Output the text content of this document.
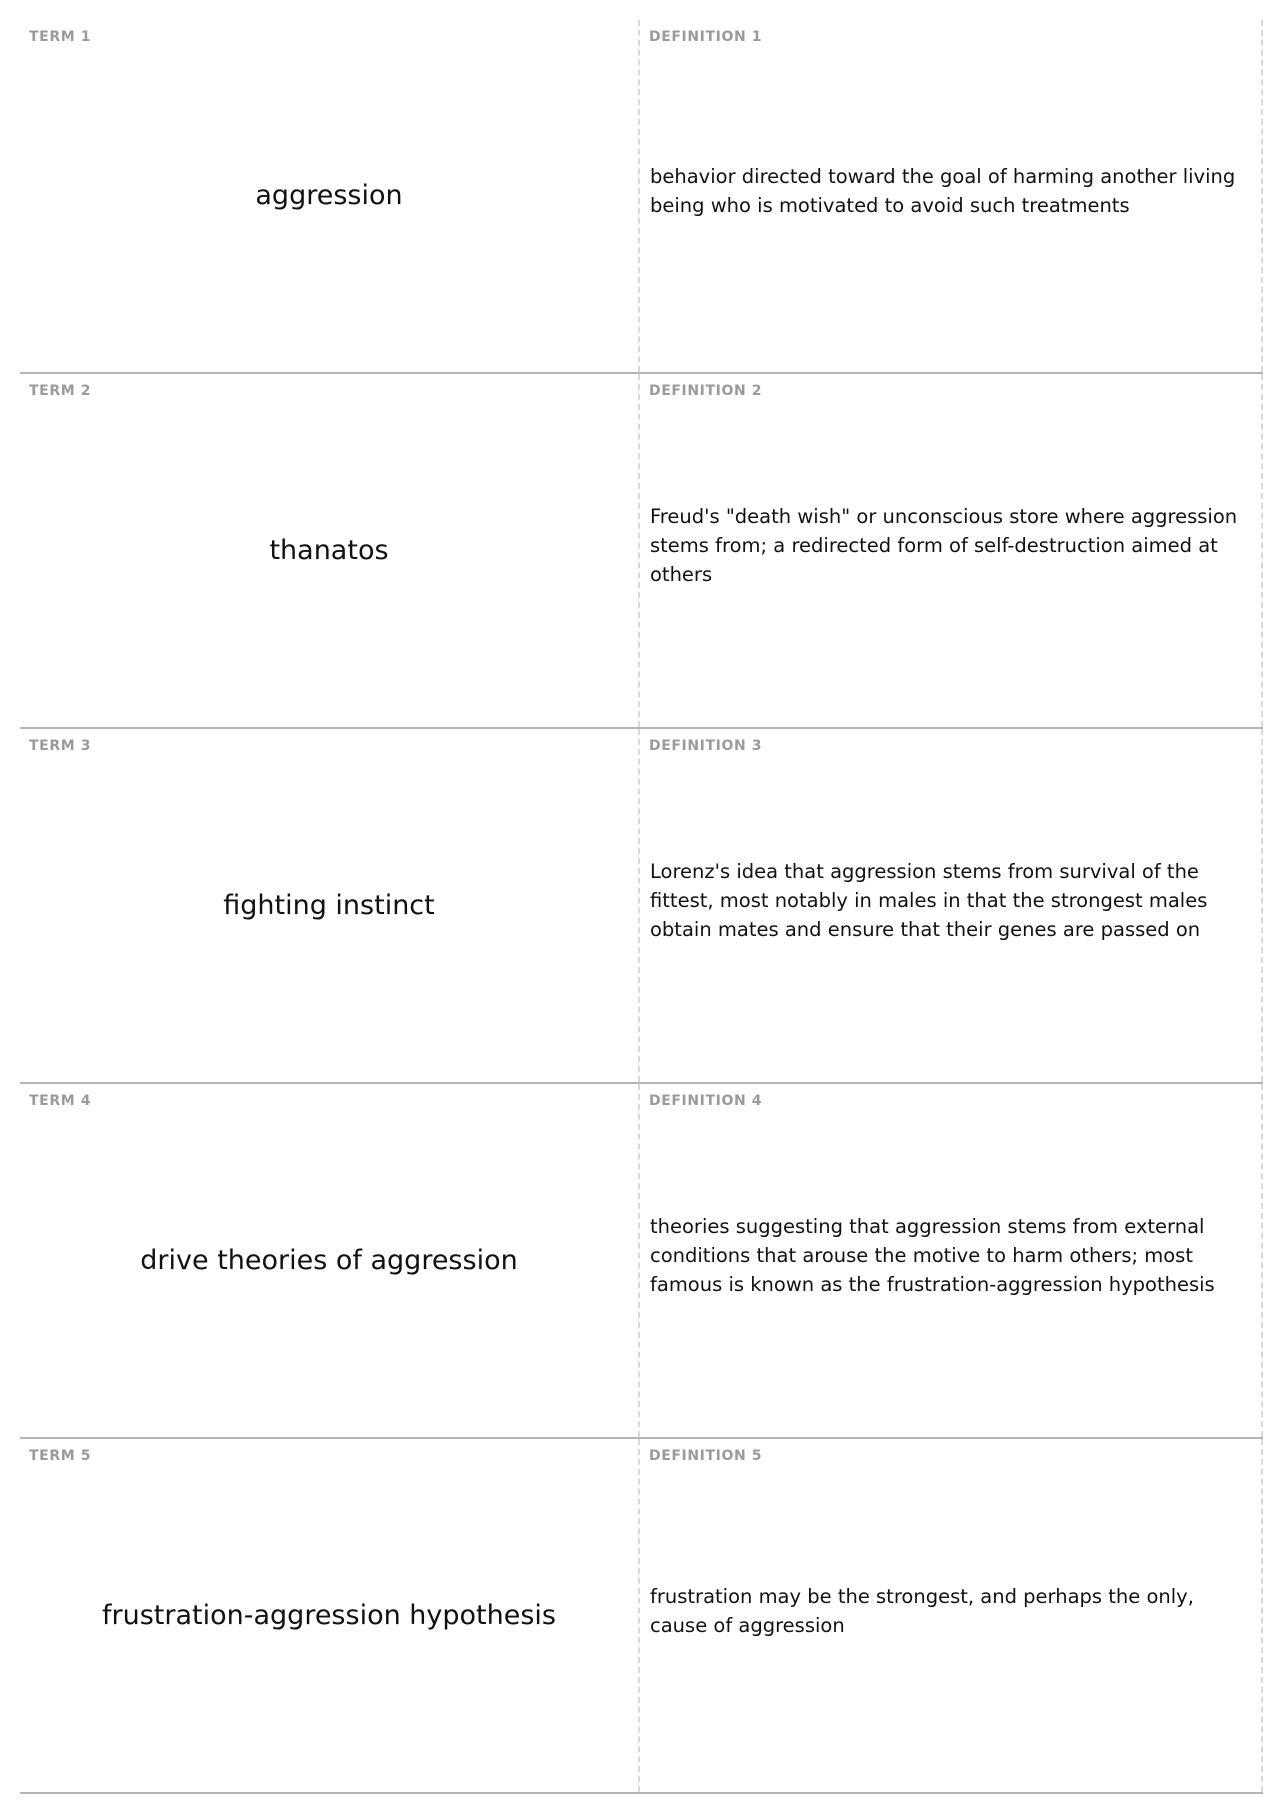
TERM 1
aggression
DEFINITION 1
behavior directed toward the goal of harming another living being who is motivated to avoid such treatments
TERM 2
thanatos
DEFINITION 2
Freud's "death wish" or unconscious store where aggression stems from; a redirected form of self-destruction aimed at others
TERM 3
fighting instinct
DEFINITION 3
Lorenz's idea that aggression stems from survival of the fittest, most notably in males in that the strongest males obtain mates and ensure that their genes are passed on
TERM 4
drive theories of aggression
DEFINITION 4
theories suggesting that aggression stems from external conditions that arouse the motive to harm others; most famous is known as the frustration-aggression hypothesis
TERM 5
frustration-aggression hypothesis
DEFINITION 5
frustration may be the strongest, and perhaps the only, cause of aggression
